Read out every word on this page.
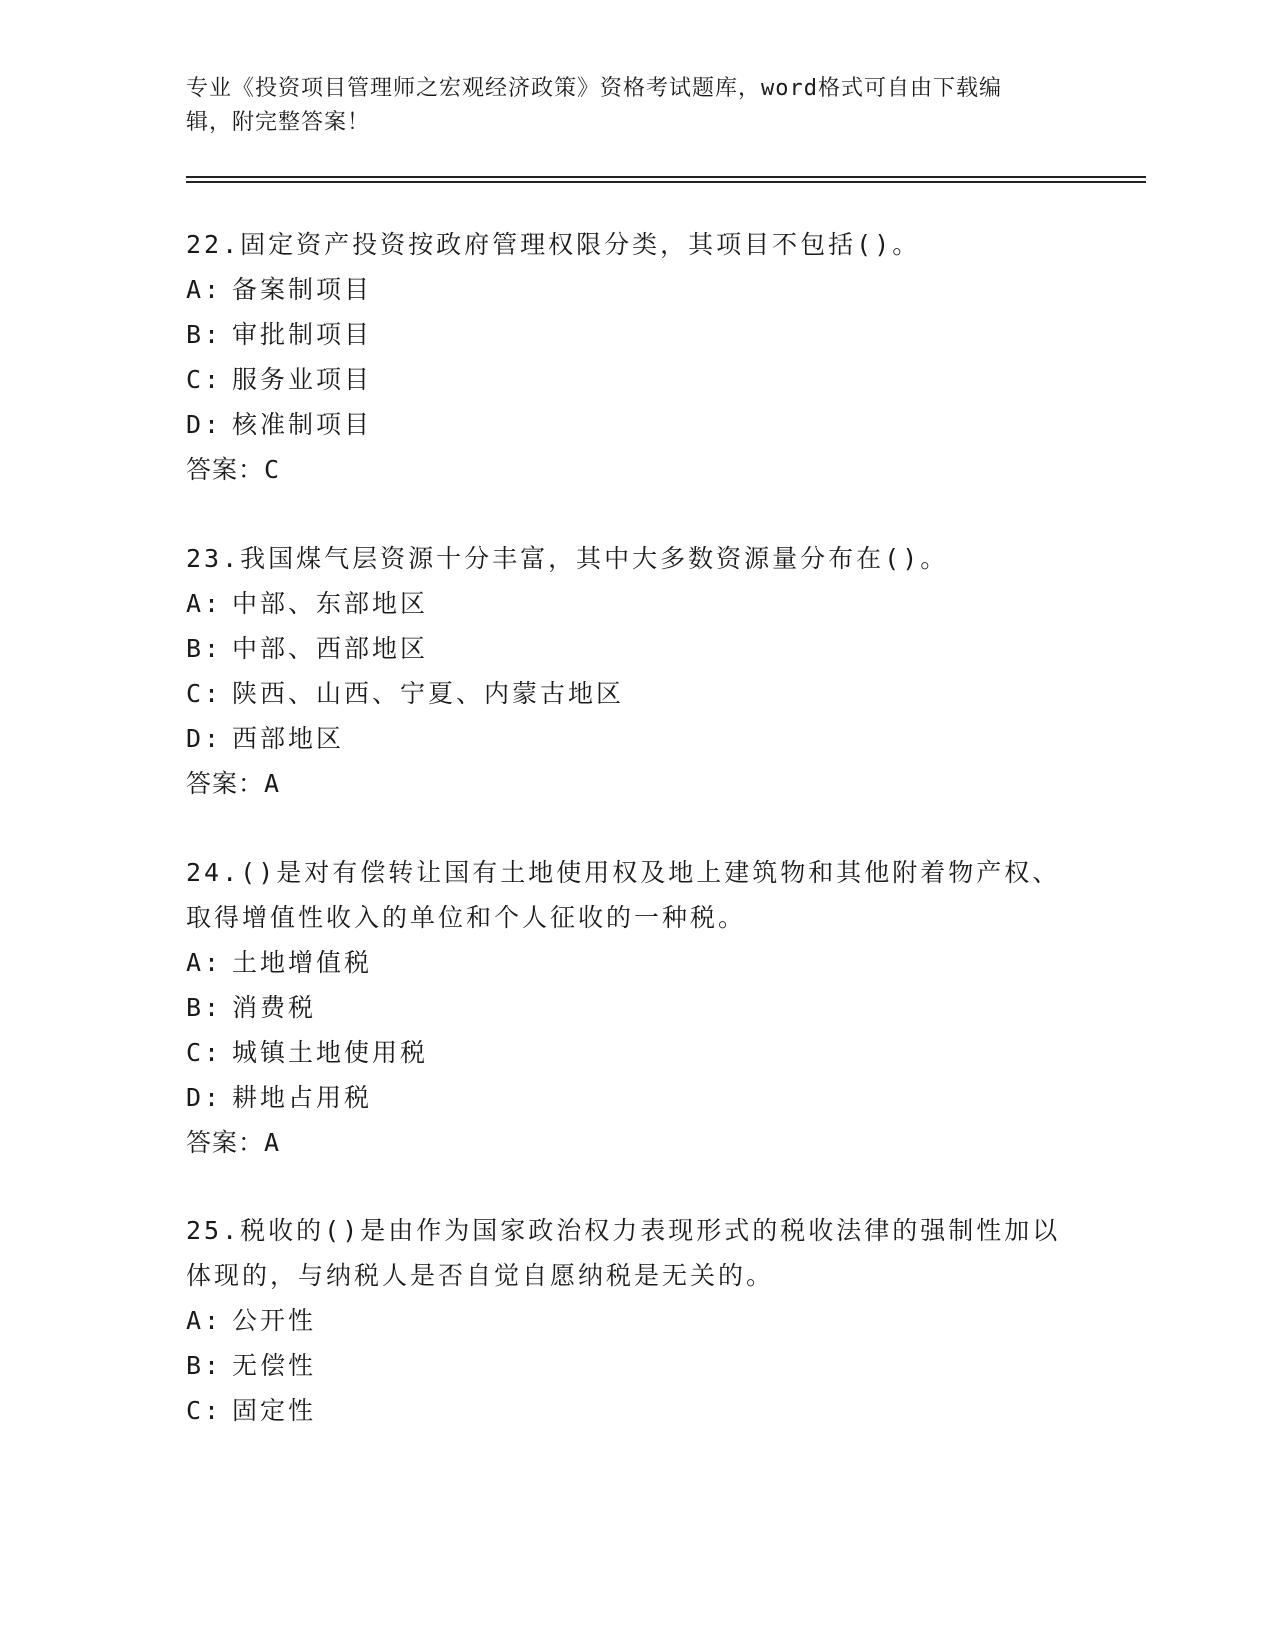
专业《投资项目管理师之宏观经济政策》资格考试题库，word格式可自由下载编
辑，附完整答案！

22.固定资产投资按政府管理权限分类，其项目不包括()。

A: 备案制项目

B: 审批制项目

C: 服务业项目

D: 核准制项目

答案：C

23.我国煤气层资源十分丰富，其中大多数资源量分布在()。

A: 中部、东部地区

B: 中部、西部地区

C: 陕西、山西、宁夏、内蒙古地区

D: 西部地区

答案：A

24.()是对有偿转让国有土地使用权及地上建筑物和其他附着物产权、

取得增值性收入的单位和个人征收的一种税。

A: 土地增值税

B: 消费税

C: 城镇土地使用税

D: 耕地占用税

答案：A

25.税收的()是由作为国家政治权力表现形式的税收法律的强制性加以

体现的，与纳税人是否自觉自愿纳税是无关的。

A: 公开性

B: 无偿性

C: 固定性
